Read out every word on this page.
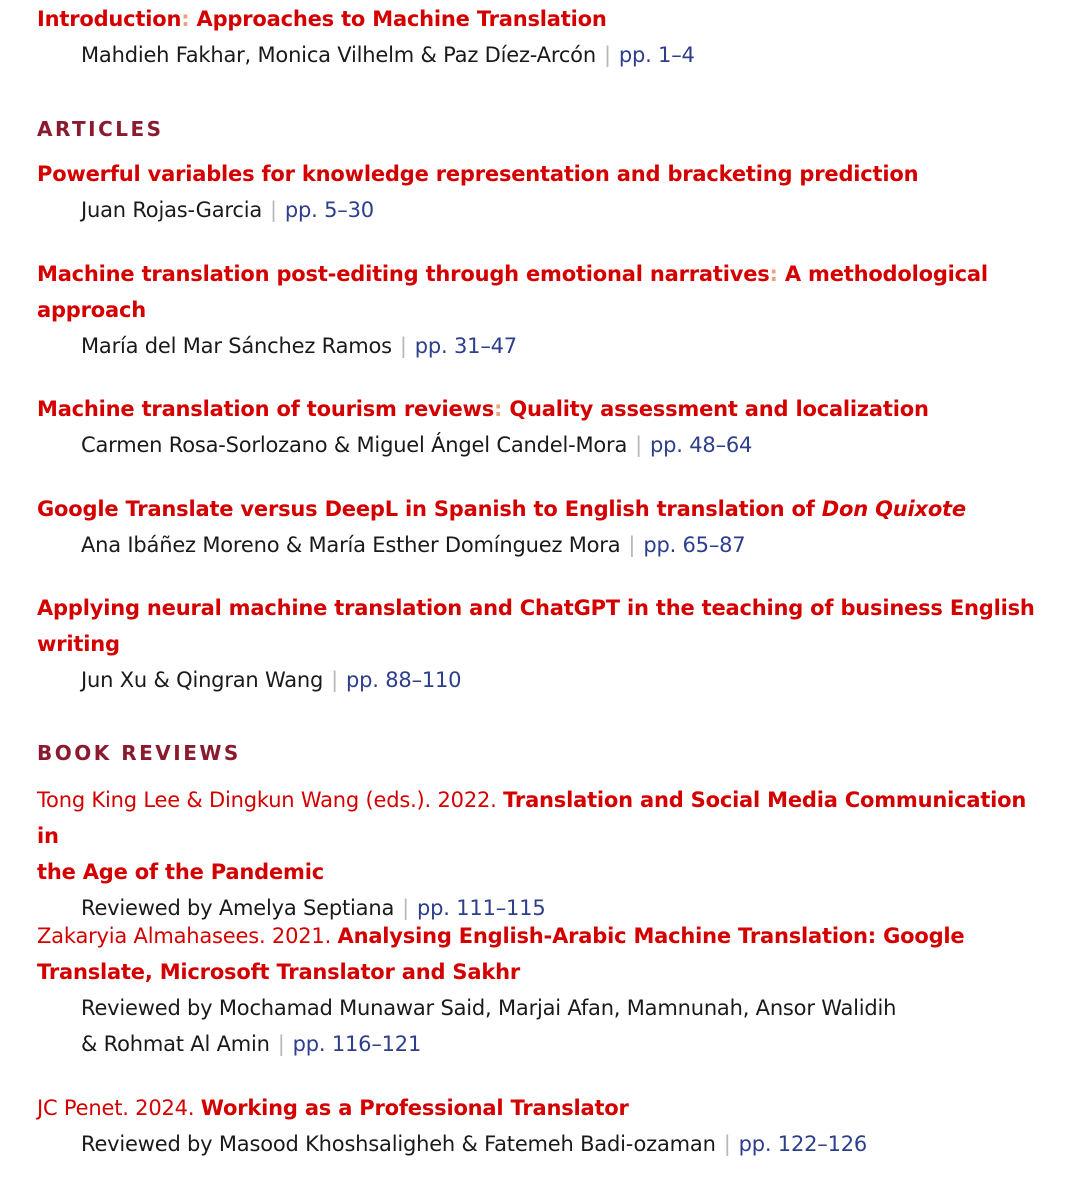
Introduction: Approaches to Machine Translation
Mahdieh Fakhar, Monica Vilhelm & Paz Díez-Arcón | pp. 1–4
ARTICLES
Powerful variables for knowledge representation and bracketing prediction
Juan Rojas-Garcia | pp. 5–30
Machine translation post-editing through emotional narratives: A methodological
approach
María del Mar Sánchez Ramos | pp. 31–47
Machine translation of tourism reviews: Quality assessment and localization
Carmen Rosa-Sorlozano & Miguel Ángel Candel-Mora | pp. 48–64
Google Translate versus DeepL in Spanish to English translation of Don Quixote
Ana Ibáñez Moreno & María Esther Domínguez Mora | pp. 65–87
Applying neural machine translation and ChatGPT in the teaching of business English
writing
Jun Xu & Qingran Wang | pp. 88–110
BOOK REVIEWS
Tong King Lee & Dingkun Wang (eds.). 2022. Translation and Social Media Communication in
the Age of the Pandemic
Reviewed by Amelya Septiana | pp. 111–115
Zakaryia Almahasees. 2021. Analysing English-Arabic Machine Translation: Google
Translate, Microsoft Translator and Sakhr
Reviewed by Mochamad Munawar Said, Marjai Afan, Mamnunah, Ansor Walidih
& Rohmat Al Amin | pp. 116–121
JC Penet. 2024. Working as a Professional Translator
Reviewed by Masood Khoshsaligheh & Fatemeh Badi-ozaman | pp. 122–126
